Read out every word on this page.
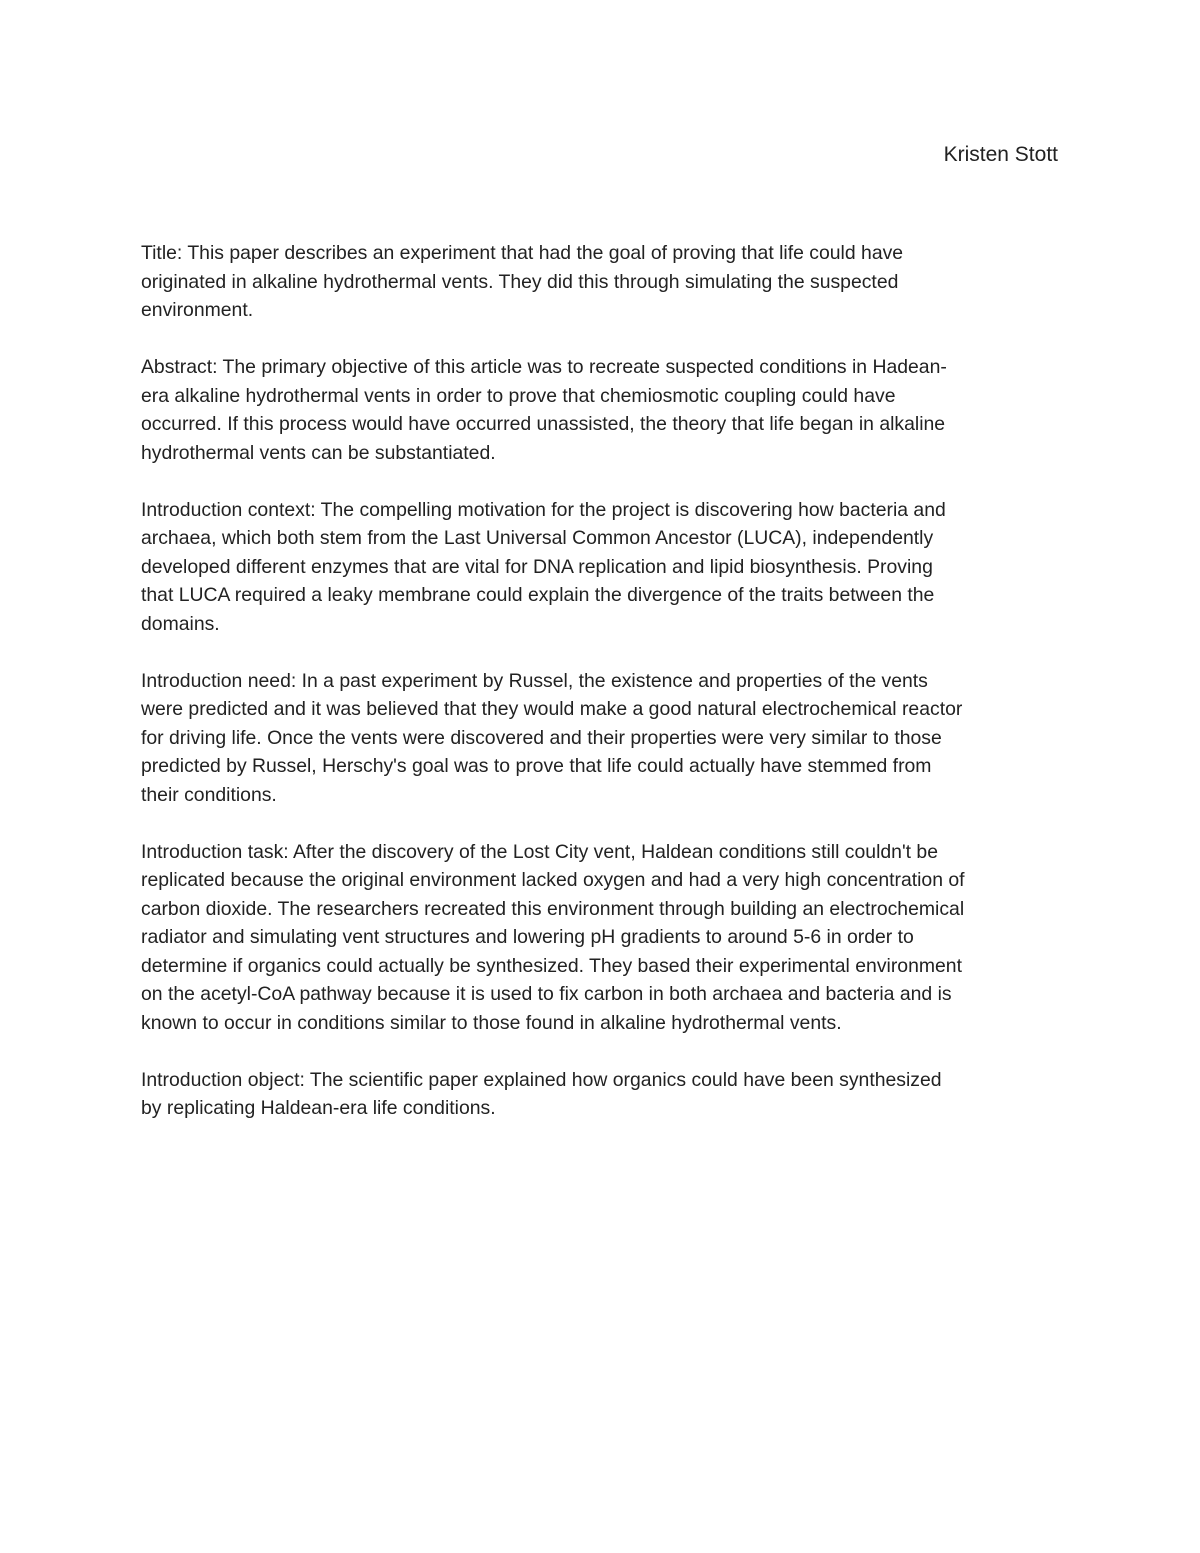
Kristen Stott

Title: This paper describes an experiment that had the goal of proving that life could have
originated in alkaline hydrothermal vents. They did this through simulating the suspected
environment.

Abstract: The primary objective of this article was to recreate suspected conditions in Hadean-
era alkaline hydrothermal vents in order to prove that chemiosmotic coupling could have
occurred. If this process would have occurred unassisted, the theory that life began in alkaline
hydrothermal vents can be substantiated.

Introduction context: The compelling motivation for the project is discovering how bacteria and
archaea, which both stem from the Last Universal Common Ancestor (LUCA), independently
developed different enzymes that are vital for DNA replication and lipid biosynthesis. Proving
that LUCA required a leaky membrane could explain the divergence of the traits between the
domains.

Introduction need: In a past experiment by Russel, the existence and properties of the vents
were predicted and it was believed that they would make a good natural electrochemical reactor
for driving life. Once the vents were discovered and their properties were very similar to those
predicted by Russel, Herschy's goal was to prove that life could actually have stemmed from
their conditions.

Introduction task: After the discovery of the Lost City vent, Haldean conditions still couldn't be
replicated because the original environment lacked oxygen and had a very high concentration of
carbon dioxide. The researchers recreated this environment through building an electrochemical
radiator and simulating vent structures and lowering pH gradients to around 5-6 in order to
determine if organics could actually be synthesized. They based their experimental environment
on the acetyl-CoA pathway because it is used to fix carbon in both archaea and bacteria and is
known to occur in conditions similar to those found in alkaline hydrothermal vents.

Introduction object: The scientific paper explained how organics could have been synthesized
by replicating Haldean-era life conditions.
